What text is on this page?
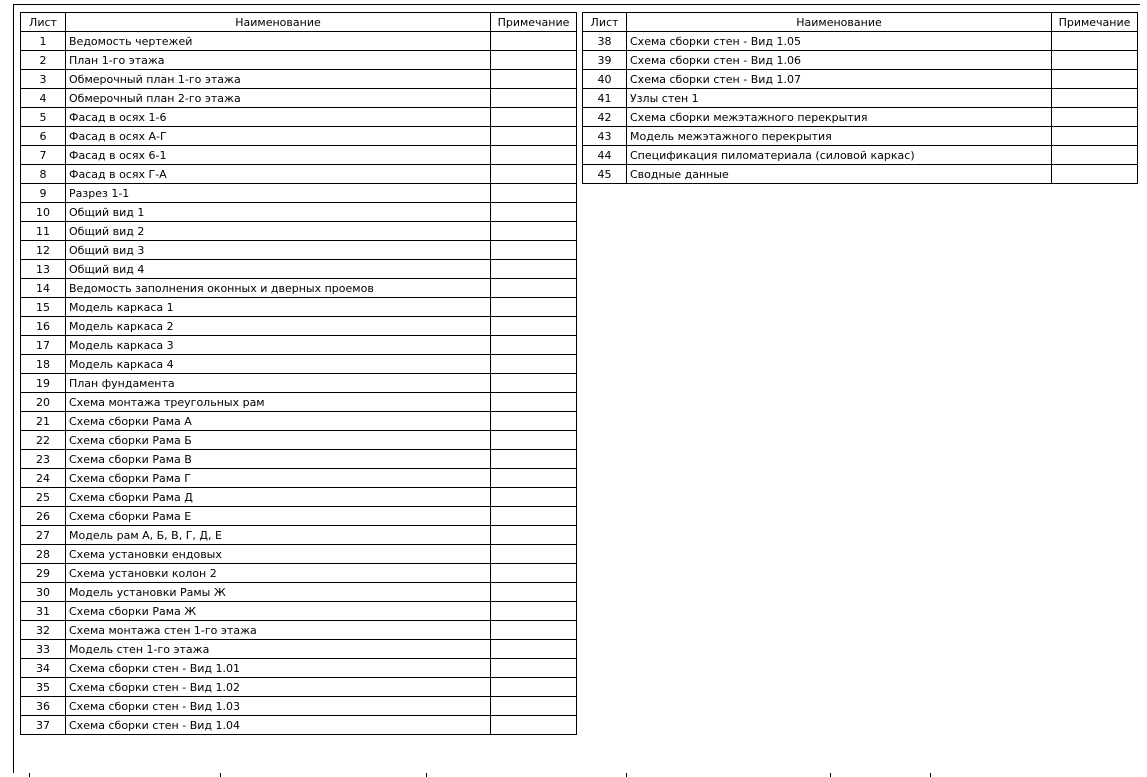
Лист	Наименование	Примечание
1	Ведомость чертежей	
2	План 1-го этажа	
3	Обмерочный план 1-го этажа	
4	Обмерочный план 2-го этажа	
5	Фасад в осях 1-6	
6	Фасад в осях А-Г	
7	Фасад в осях 6-1	
8	Фасад в осях Г-А	
9	Разрез 1-1	
10	Общий вид 1	
11	Общий вид 2	
12	Общий вид 3	
13	Общий вид 4	
14	Ведомость заполнения оконных и дверных проемов	
15	Модель каркаса 1	
16	Модель каркаса 2	
17	Модель каркаса 3	
18	Модель каркаса 4	
19	План фундамента	
20	Схема монтажа треугольных рам	
21	Схема сборки Рама А	
22	Схема сборки Рама Б	
23	Схема сборки Рама В	
24	Схема сборки Рама Г	
25	Схема сборки Рама Д	
26	Схема сборки Рама Е	
27	Модель рам А, Б, В, Г, Д, Е	
28	Схема установки ендовых	
29	Схема установки колон 2	
30	Модель установки Рамы Ж	
31	Схема сборки Рама Ж	
32	Схема монтажа стен 1-го этажа	
33	Модель стен 1-го этажа	
34	Схема сборки стен - Вид 1.01	
35	Схема сборки стен - Вид 1.02	
36	Схема сборки стен - Вид 1.03	
37	Схема сборки стен - Вид 1.04	
Лист	Наименование	Примечание
38	Схема сборки стен - Вид 1.05	
39	Схема сборки стен - Вид 1.06	
40	Схема сборки стен - Вид 1.07	
41	Узлы стен 1	
42	Схема сборки межэтажного перекрытия	
43	Модель межэтажного перекрытия	
44	Спецификация пиломатериала (силовой каркас)	
45	Сводные данные	
